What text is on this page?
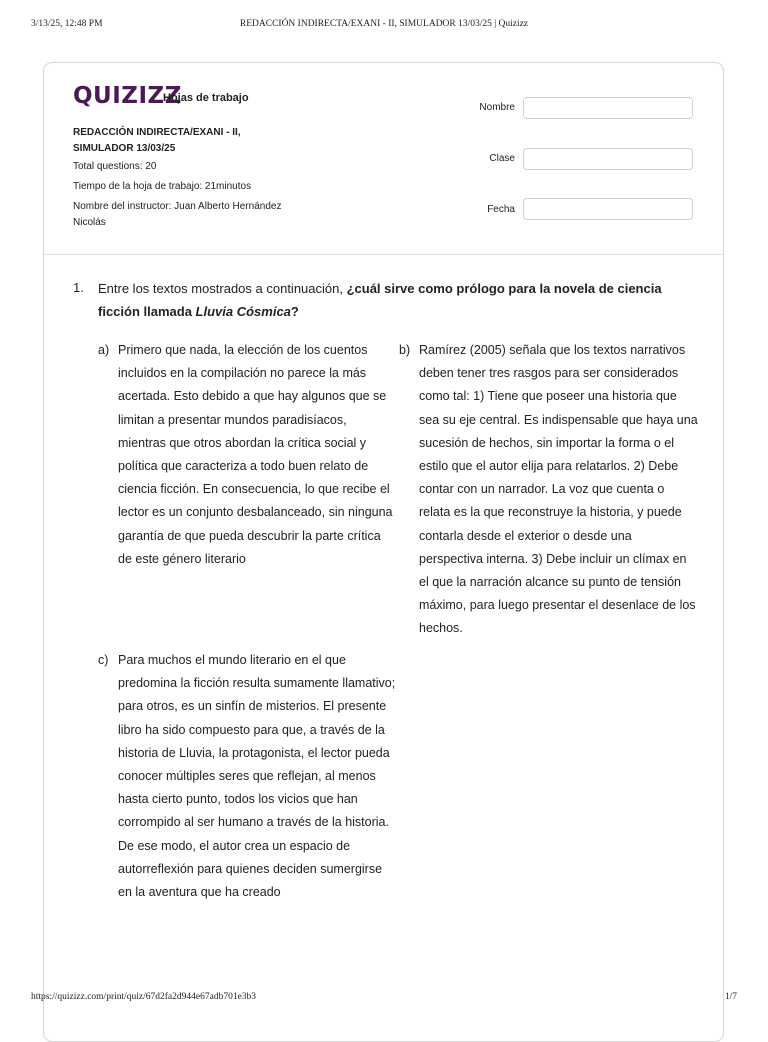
3/13/25, 12:48 PM	REDACCIÓN INDIRECTA/EXANI - II, SIMULADOR 13/03/25 | Quizizz
QUIZIZZ
Hojas de trabajo
REDACCIÓN INDIRECTA/EXANI - II, SIMULADOR 13/03/25
Total questions: 20
Tiempo de la hoja de trabajo: 21minutos
Nombre del instructor: Juan Alberto Hernández Nicolás
Nombre
Clase
Fecha
1. Entre los textos mostrados a continuación, ¿cuál sirve como prólogo para la novela de ciencia ficción llamada Lluvia Cósmica?
a) Primero que nada, la elección de los cuentos incluidos en la compilación no parece la más acertada. Esto debido a que hay algunos que se limitan a presentar mundos paradisíacos, mientras que otros abordan la crítica social y política que caracteriza a todo buen relato de ciencia ficción. En consecuencia, lo que recibe el lector es un conjunto desbalanceado, sin ninguna garantía de que pueda descubrir la parte crítica de este género literario
b) Ramírez (2005) señala que los textos narrativos deben tener tres rasgos para ser considerados como tal: 1) Tiene que poseer una historia que sea su eje central. Es indispensable que haya una sucesión de hechos, sin importar la forma o el estilo que el autor elija para relatarlos. 2) Debe contar con un narrador. La voz que cuenta o relata es la que reconstruye la historia, y puede contarla desde el exterior o desde una perspectiva interna. 3) Debe incluir un clímax en el que la narración alcance su punto de tensión máximo, para luego presentar el desenlace de los hechos.
c) Para muchos el mundo literario en el que predomina la ficción resulta sumamente llamativo; para otros, es un sinfín de misterios. El presente libro ha sido compuesto para que, a través de la historia de Lluvia, la protagonista, el lector pueda conocer múltiples seres que reflejan, al menos hasta cierto punto, todos los vicios que han corrompido al ser humano a través de la historia. De ese modo, el autor crea un espacio de autorreflexión para quienes deciden sumergirse en la aventura que ha creado
https://quizizz.com/print/quiz/67d2fa2d944e67adb701e3b3	1/7
